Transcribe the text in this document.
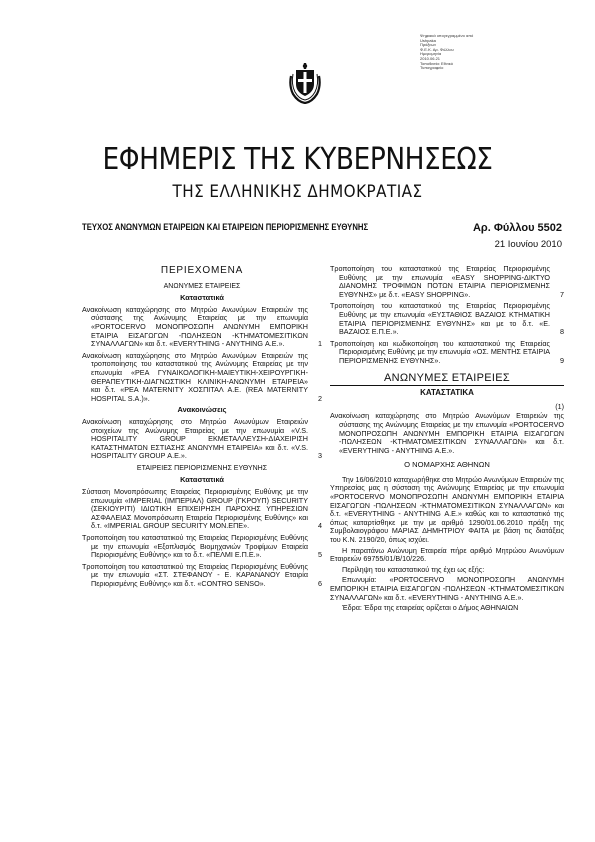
Ψηφιακά υπογεγραμμένο από
Ushpaka
Πράξεων
Φ.Ε.Κ. Αρ. Φύλλου
Ημερομηνία
2010.06.21
Τοποθεσία: Εθνικό
Τυπογραφείο
ΕΦΗΜΕΡΙΣ ΤΗΣ ΚΥΒΕΡΝΗΣΕΩΣ
ΤΗΣ ΕΛΛΗΝΙΚΗΣ ΔΗΜΟΚΡΑΤΙΑΣ
ΤΕΥΧΟΣ ΑΝΩΝΥΜΩΝ ΕΤΑΙΡΕΙΩΝ ΚΑΙ ΕΤΑΙΡΕΙΩΝ ΠΕΡΙΟΡΙΣΜΕΝΗΣ ΕΥΘΥΝΗΣ	Αρ. Φύλλου 5502
21 Ιουνίου 2010
ΠΕΡΙΕΧΟΜΕΝΑ
ΑΝΩΝΥΜΕΣ ΕΤΑΙΡΕΙΕΣ
Καταστατικά
Ανακοίνωση καταχώρησης στο Μητρώο Ανωνύμων Εταιρειών της σύστασης της Ανώνυμης Εταιρείας με την επωνυμία «PORTOCERVO ΜΟΝΟΠΡΟΣΩΠΗ ΑΝΩΝΥΜΗ ΕΜΠΟΡΙΚΗ ΕΤΑΙΡΙΑ ΕΙΣΑΓΩΓΩΝ -ΠΩΛΗΣΕΩΝ -ΚΤΗΜΑΤΟΜΕΣΙΤΙΚΩΝ ΣΥΝΑΛΛΑΓΩΝ» και δ.τ. «EVERYTHING - ANYTHING Α.Ε.».	1
Ανακοίνωση καταχώρησης στο Μητρώο Ανωνύμων Εταιρειών της τροποποίησης του καταστατικού της Ανώνυμης Εταιρείας με την επωνυμία «ΡΕΑ ΓΥΝΑΙΚΟΛΟΓΙΚΗ-ΜΑΙΕΥΤΙΚΗ-ΧΕΙΡΟΥΡΓΙΚΗ-ΘΕΡΑΠΕΥΤΙΚΗ-ΔΙΑΓΝΩΣΤΙΚΗ ΚΛΙΝΙΚΗ-ΑΝΩΝΥΜΗ ΕΤΑΙΡΕΙΑ» και δ.τ. «ΡΕΑ MATERNITY ΧΟΣΠΙΤΑΛ Α.Ε. (REA MATERNITY HOSPITAL S.A.)».	2
Ανακοινώσεις
Ανακοίνωση καταχώρησης στο Μητρώο Ανωνύμων Εταιρειών στοιχείων της Ανώνυμης Εταιρείας με την επωνυμία «V.S. HOSPITALITY GROUP ΕΚΜΕΤΑΛΛΕΥΣΗ-ΔΙΑΧΕΙΡΙΣΗ ΚΑΤΑΣΤΗΜΑΤΩΝ ΕΣΤΙΑΣΗΣ ΑΝΩΝΥΜΗ ΕΤΑΙΡΕΙΑ» και δ.τ. «V.S. HOSPITALITY GROUP Α.Ε.».	3
ΕΤΑΙΡΕΙΕΣ ΠΕΡΙΟΡΙΣΜΕΝΗΣ ΕΥΘΥΝΗΣ
Καταστατικά
Σύσταση Μονοπρόσωπης Εταιρείας Περιορισμένης Ευθύνης με την επωνυμία «IMPERIAL (ΙΜΠΕΡΙΑΛ) GROUP (ΓΚΡΟΥΠ) SECURITY (ΣΕΚΙΟΥΡΙΤΙ) ΙΔΙΩΤΙΚΗ ΕΠΙΧΕΙΡΗΣΗ ΠΑΡΟΧΗΣ ΥΠΗΡΕΣΙΩΝ ΑΣΦΑΛΕΙΑΣ Μονοπρόσωπη Εταιρεία Περιορισμένης Ευθύνης» και δ.τ. «IMPERIAL GROUP SECURITY ΜΟΝ.ΕΠΕ».	4
Τροποποίηση του καταστατικού της Εταιρείας Περιορισμένης Ευθύνης με την επωνυμία «Εξοπλισμός Βιομηχανιών Τροφίμων Εταιρεία Περιορισμένης Ευθύνης» και το δ.τ. «ΠΕΛΜΙ Ε.Π.Ε.».	5
Τροποποίηση του καταστατικού της Εταιρείας Περιορισμένης Ευθύνης με την επωνυμία «ΣΤ. ΣΤΕΦΑΝΟΥ - Ε. ΚΑΡΑΝΑΝΟΥ Εταιρία Περιορισμένης Ευθύνης» και δ.τ. «CONTRO SENSO».	6
Τροποποίηση του καταστατικού της Εταιρείας Περιορισμένης Ευθύνης με την επωνυμία «EASY SHOPPING-ΔΙΚΤΥΟ ΔΙΑΝΟΜΗΣ ΤΡΟΦΙΜΩΝ ΠΟΤΩΝ ΕΤΑΙΡΙΑ ΠΕΡΙΟΡΙΣΜΕΝΗΣ ΕΥΘΥΝΗΣ» με δ.τ. «EASY SHOPPING».	7
Τροποποίηση του καταστατικού της Εταιρείας Περιορισμένης Ευθύνης με την επωνυμία «ΕΥΣΤΑΘΙΟΣ ΒΑΖΑΙΟΣ ΚΤΗΜΑΤΙΚΗ ΕΤΑΙΡΙΑ ΠΕΡΙΟΡΙΣΜΕΝΗΣ ΕΥΘΥΝΗΣ» και με το δ.τ. «Ε. ΒΑΖΑΙΟΣ Ε.Π.Ε.».	8
Τροποποίηση και κωδικοποίηση του καταστατικού της Εταιρείας Περιορισμένης Ευθύνης με την επωνυμία «ΟΣ. ΜΕΝΤΗΣ ΕΤΑΙΡΙΑ ΠΕΡΙΟΡΙΣΜΕΝΗΣ ΕΥΘΥΝΗΣ».	9
ΑΝΩΝΥΜΕΣ ΕΤΑΙΡΕΙΕΣ
ΚΑΤΑΣΤΑΤΙΚΑ
(1)
Ανακοίνωση καταχώρησης στο Μητρώο Ανωνύμων Εταιρειών της σύστασης της Ανώνυμης Εταιρείας με την επωνυμία «PORTOCERVO ΜΟΝΟΠΡΟΣΩΠΗ ΑΝΩΝΥΜΗ ΕΜΠΟΡΙΚΗ ΕΤΑΙΡΙΑ ΕΙΣΑΓΩΓΩΝ -ΠΩΛΗΣΕΩΝ -ΚΤΗΜΑΤΟΜΕΣΙΤΙΚΩΝ ΣΥΝΑΛΛΑΓΩΝ» και δ.τ. «EVERYTHING - ANYTHING Α.Ε.».
Ο ΝΟΜΑΡΧΗΣ ΑΘΗΝΩΝ
Την 16/06/2010 καταχωρήθηκε στο Μητρώο Ανωνύμων Εταιρειών της Υπηρεσίας μας η σύσταση της Ανώνυμης Εταιρείας με την επωνυμία «PORTOCERVO ΜΟΝΟΠΡΟΣΩΠΗ ΑΝΩΝΥΜΗ ΕΜΠΟΡΙΚΗ ΕΤΑΙΡΙΑ ΕΙΣΑΓΩΓΩΝ -ΠΩΛΗΣΕΩΝ -ΚΤΗΜΑΤΟΜΕΣΙΤΙΚΩΝ ΣΥΝΑΛΛΑΓΩΝ» και δ.τ. «EVERYTHING - ANYTHING Α.Ε.» καθώς και το καταστατικό της όπως καταρτίσθηκε με την με αριθμό 1290/01.06.2010 πράξη της Συμβολαιογράφου ΜΑΡΙΑΣ ΔΗΜΗΤΡΙΟΥ ΦΑΙΤΑ με βάση τις διατάξεις του Κ.Ν. 2190/20, όπως ισχύει.
Η παρατάνω Ανώνυμη Εταιρεία πήρε αριθμό Μητρώου Ανωνύμων Εταιρειών 69755/01/Β/10/226.
Περίληψη του καταστατικού της έχει ως εξής:
Επωνυμία: «PORTOCERVO ΜΟΝΟΠΡΟΣΩΠΗ ΑΝΩΝΥΜΗ ΕΜΠΟΡΙΚΗ ΕΤΑΙΡΙΑ ΕΙΣΑΓΩΓΩΝ -ΠΩΛΗΣΕΩΝ -ΚΤΗΜΑΤΟΜΕΣΙΤΙΚΩΝ ΣΥΝΑΛΛΑΓΩΝ» και δ.τ. «EVERYTHING - ANYTHING Α.Ε.».
Έδρα: Έδρα της εταιρείας ορίζεται ο Δήμος ΑΘΗΝΑΙΩΝ
